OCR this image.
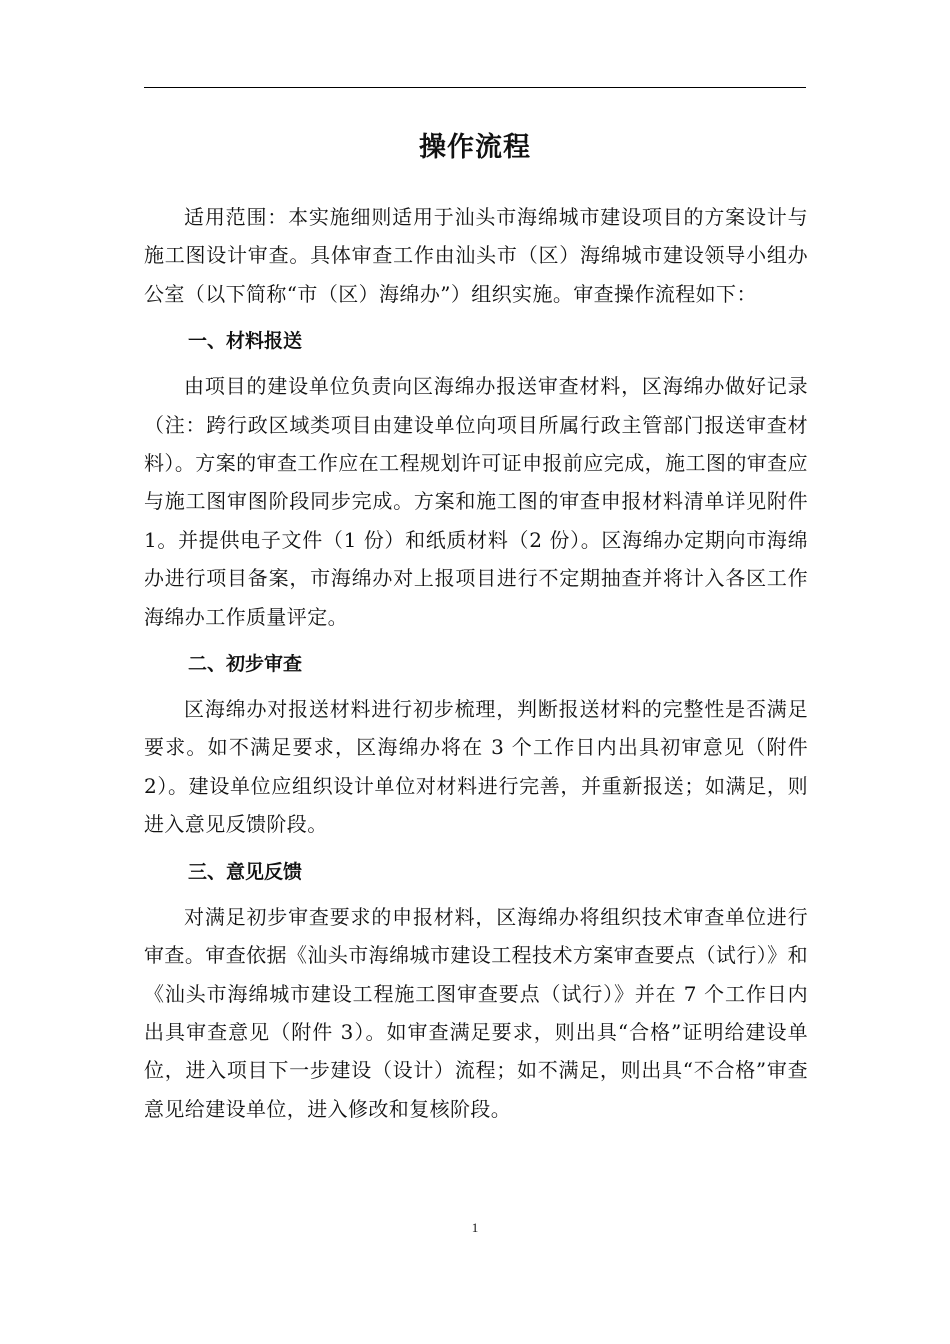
操作流程

适用范围：本实施细则适用于汕头市海绵城市建设项目的方案设计与施工图设计审查。具体审查工作由汕头市（区）海绵城市建设领导小组办公室（以下简称“市（区）海绵办”）组织实施。审查操作流程如下：

一、材料报送

由项目的建设单位负责向区海绵办报送审查材料，区海绵办做好记录（注：跨行政区域类项目由建设单位向项目所属行政主管部门报送审查材料）。方案的审查工作应在工程规划许可证申报前应完成，施工图的审查应与施工图审图阶段同步完成。方案和施工图的审查申报材料清单详见附件 1。并提供电子文件（1 份）和纸质材料（2 份）。区海绵办定期向市海绵办进行项目备案，市海绵办对上报项目进行不定期抽查并将计入各区工作海绵办工作质量评定。

二、初步审查

区海绵办对报送材料进行初步梳理，判断报送材料的完整性是否满足要求。如不满足要求，区海绵办将在 3 个工作日内出具初审意见（附件 2）。建设单位应组织设计单位对材料进行完善，并重新报送；如满足，则进入意见反馈阶段。

三、意见反馈

对满足初步审查要求的申报材料，区海绵办将组织技术审查单位进行审查。审查依据《汕头市海绵城市建设工程技术方案审查要点（试行）》和《汕头市海绵城市建设工程施工图审查要点（试行）》并在 7 个工作日内出具审查意见（附件 3）。如审查满足要求，则出具“合格”证明给建设单位，进入项目下一步建设（设计）流程；如不满足，则出具“不合格”审查意见给建设单位，进入修改和复核阶段。

1
